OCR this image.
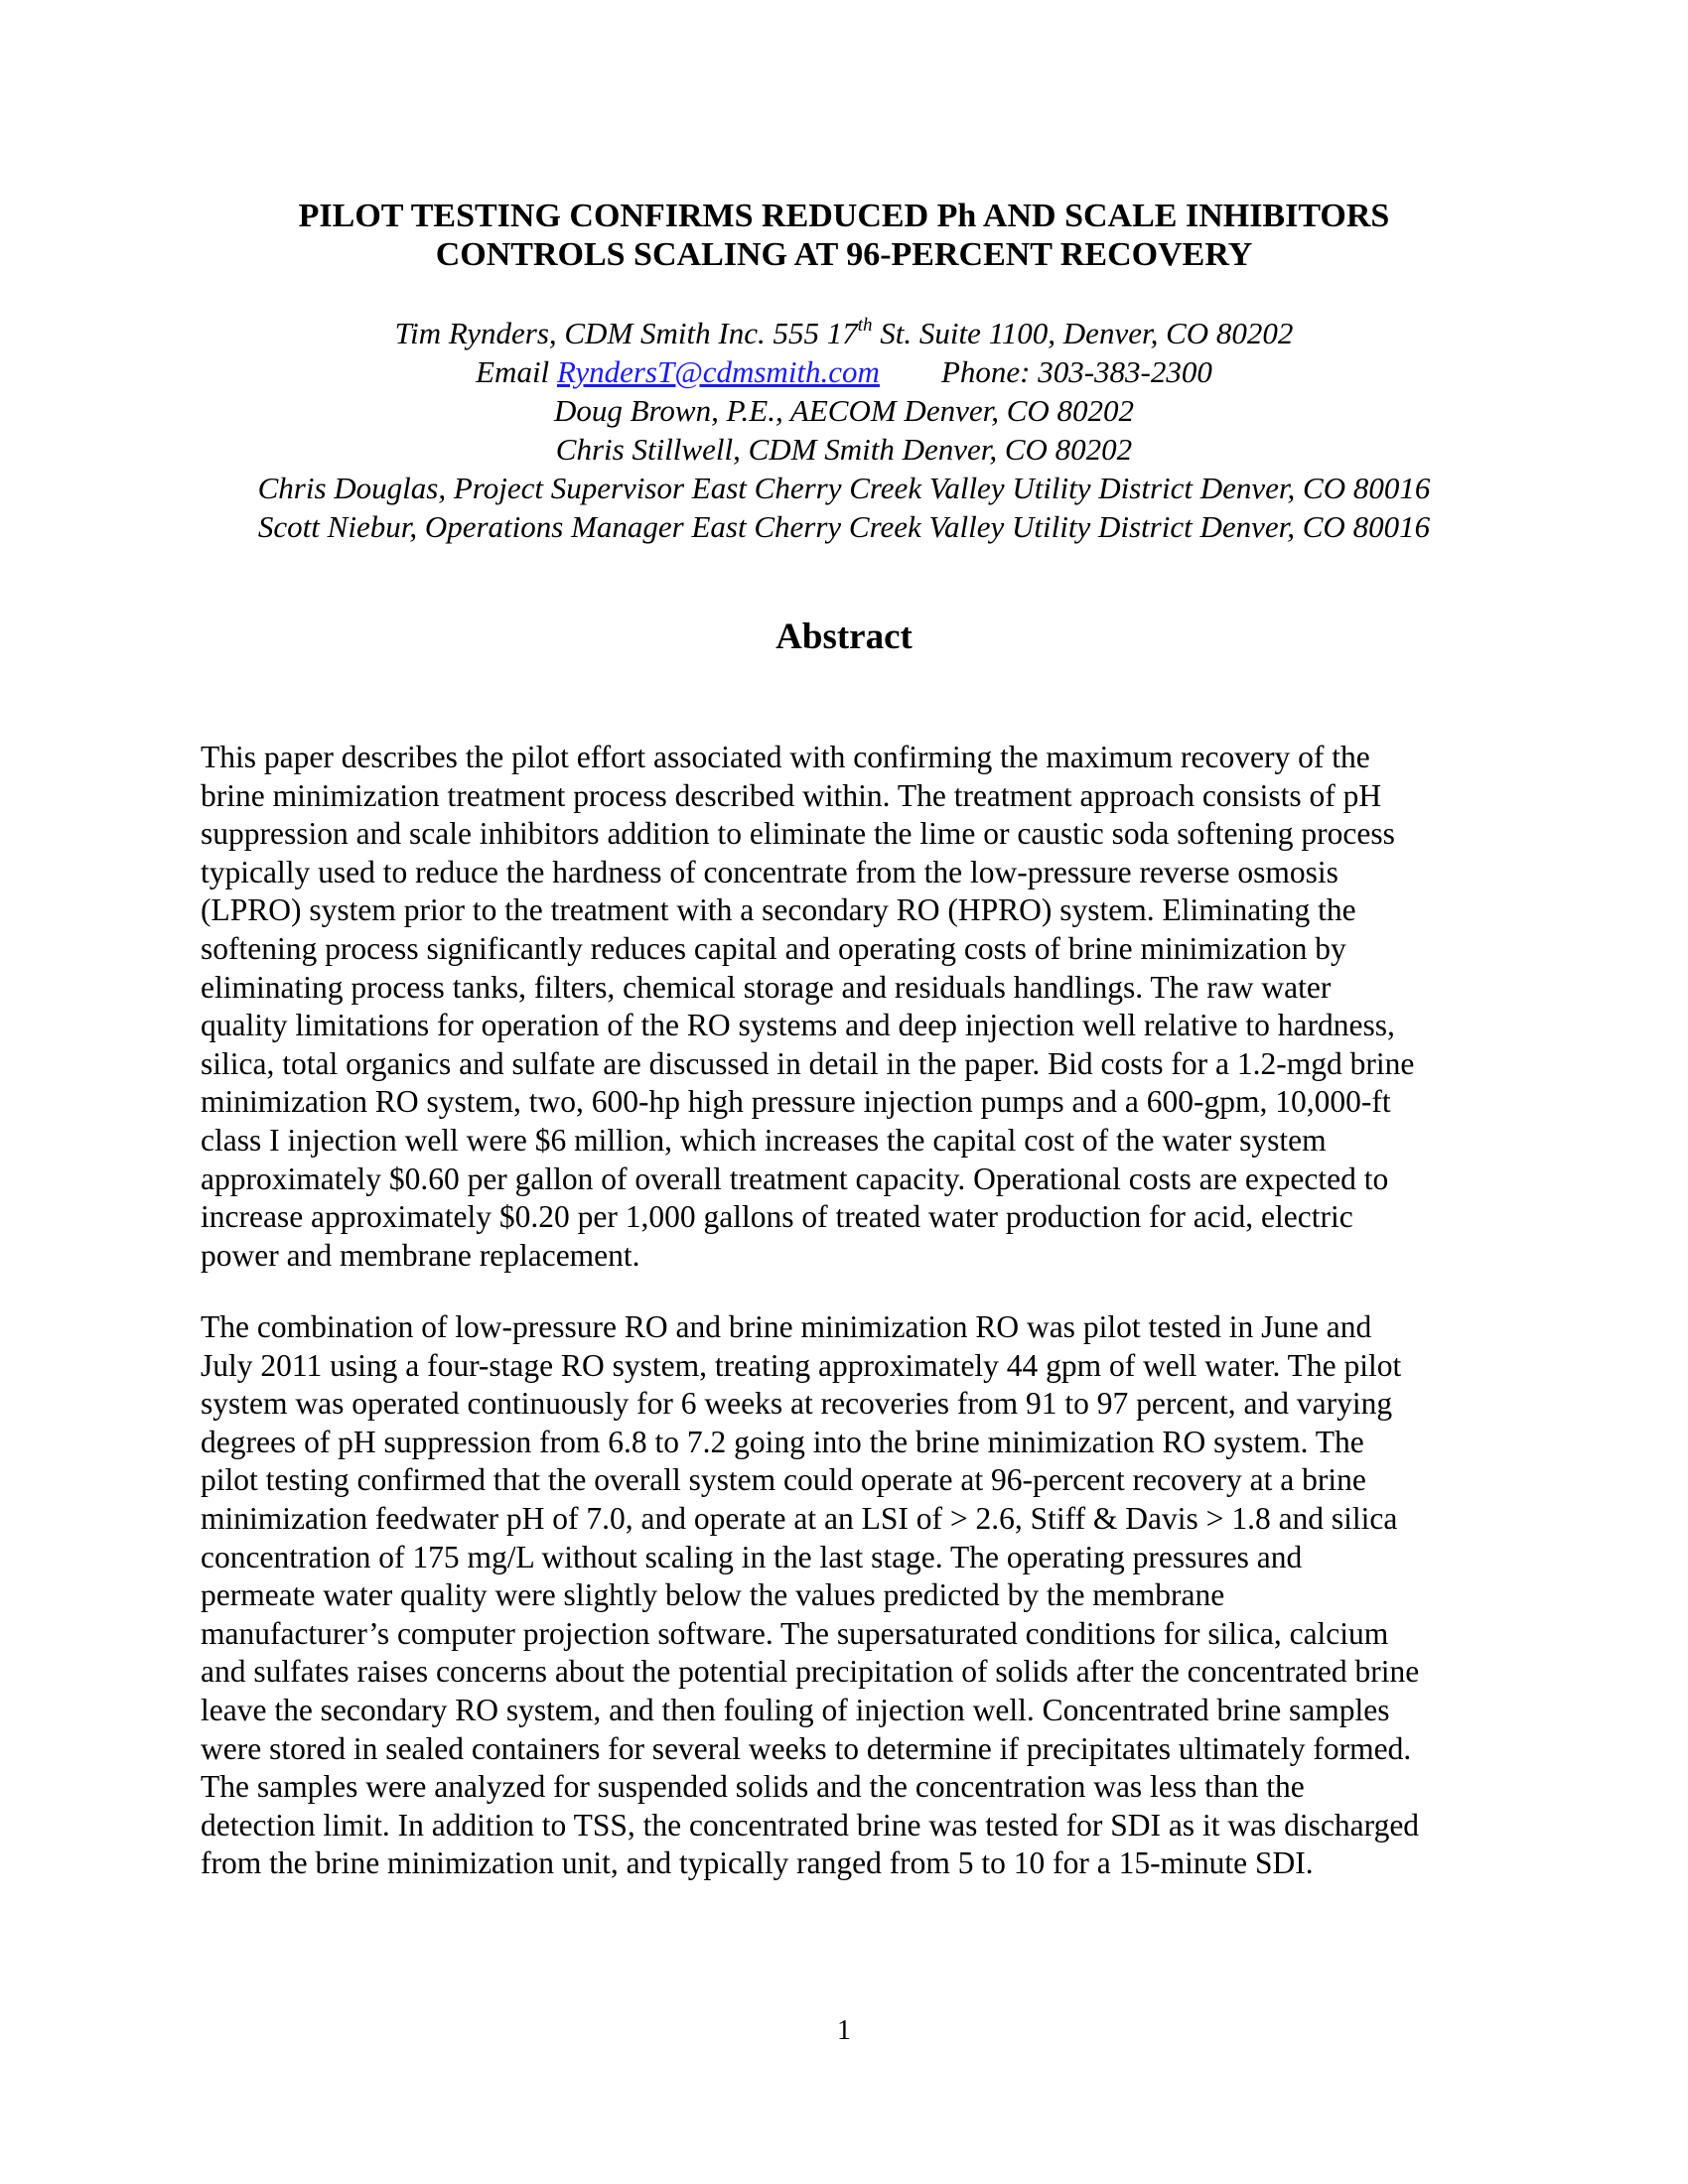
PILOT TESTING CONFIRMS REDUCED Ph AND SCALE INHIBITORS
CONTROLS SCALING AT 96-PERCENT RECOVERY
Tim Rynders, CDM Smith Inc. 555 17th St. Suite 1100, Denver, CO 80202
Email RyndersT@cdmsmith.com Phone: 303-383-2300
Doug Brown, P.E., AECOM Denver, CO 80202
Chris Stillwell, CDM Smith Denver, CO 80202
Chris Douglas, Project Supervisor East Cherry Creek Valley Utility District Denver, CO 80016
Scott Niebur, Operations Manager East Cherry Creek Valley Utility District Denver, CO 80016
Abstract

This paper describes the pilot effort associated with confirming the maximum recovery of the
brine minimization treatment process described within. The treatment approach consists of pH
suppression and scale inhibitors addition to eliminate the lime or caustic soda softening process
typically used to reduce the hardness of concentrate from the low-pressure reverse osmosis
(LPRO) system prior to the treatment with a secondary RO (HPRO) system. Eliminating the
softening process significantly reduces capital and operating costs of brine minimization by
eliminating process tanks, filters, chemical storage and residuals handlings. The raw water
quality limitations for operation of the RO systems and deep injection well relative to hardness,
silica, total organics and sulfate are discussed in detail in the paper. Bid costs for a 1.2-mgd brine
minimization RO system, two, 600-hp high pressure injection pumps and a 600-gpm, 10,000-ft
class I injection well were $6 million, which increases the capital cost of the water system
approximately $0.60 per gallon of overall treatment capacity. Operational costs are expected to
increase approximately $0.20 per 1,000 gallons of treated water production for acid, electric
power and membrane replacement.

The combination of low-pressure RO and brine minimization RO was pilot tested in June and
July 2011 using a four-stage RO system, treating approximately 44 gpm of well water. The pilot
system was operated continuously for 6 weeks at recoveries from 91 to 97 percent, and varying
degrees of pH suppression from 6.8 to 7.2 going into the brine minimization RO system. The
pilot testing confirmed that the overall system could operate at 96-percent recovery at a brine
minimization feedwater pH of 7.0, and operate at an LSI of > 2.6, Stiff & Davis > 1.8 and silica
concentration of 175 mg/L without scaling in the last stage. The operating pressures and
permeate water quality were slightly below the values predicted by the membrane
manufacturer’s computer projection software. The supersaturated conditions for silica, calcium
and sulfates raises concerns about the potential precipitation of solids after the concentrated brine
leave the secondary RO system, and then fouling of injection well. Concentrated brine samples
were stored in sealed containers for several weeks to determine if precipitates ultimately formed.
The samples were analyzed for suspended solids and the concentration was less than the
detection limit. In addition to TSS, the concentrated brine was tested for SDI as it was discharged
from the brine minimization unit, and typically ranged from 5 to 10 for a 15-minute SDI.

1
